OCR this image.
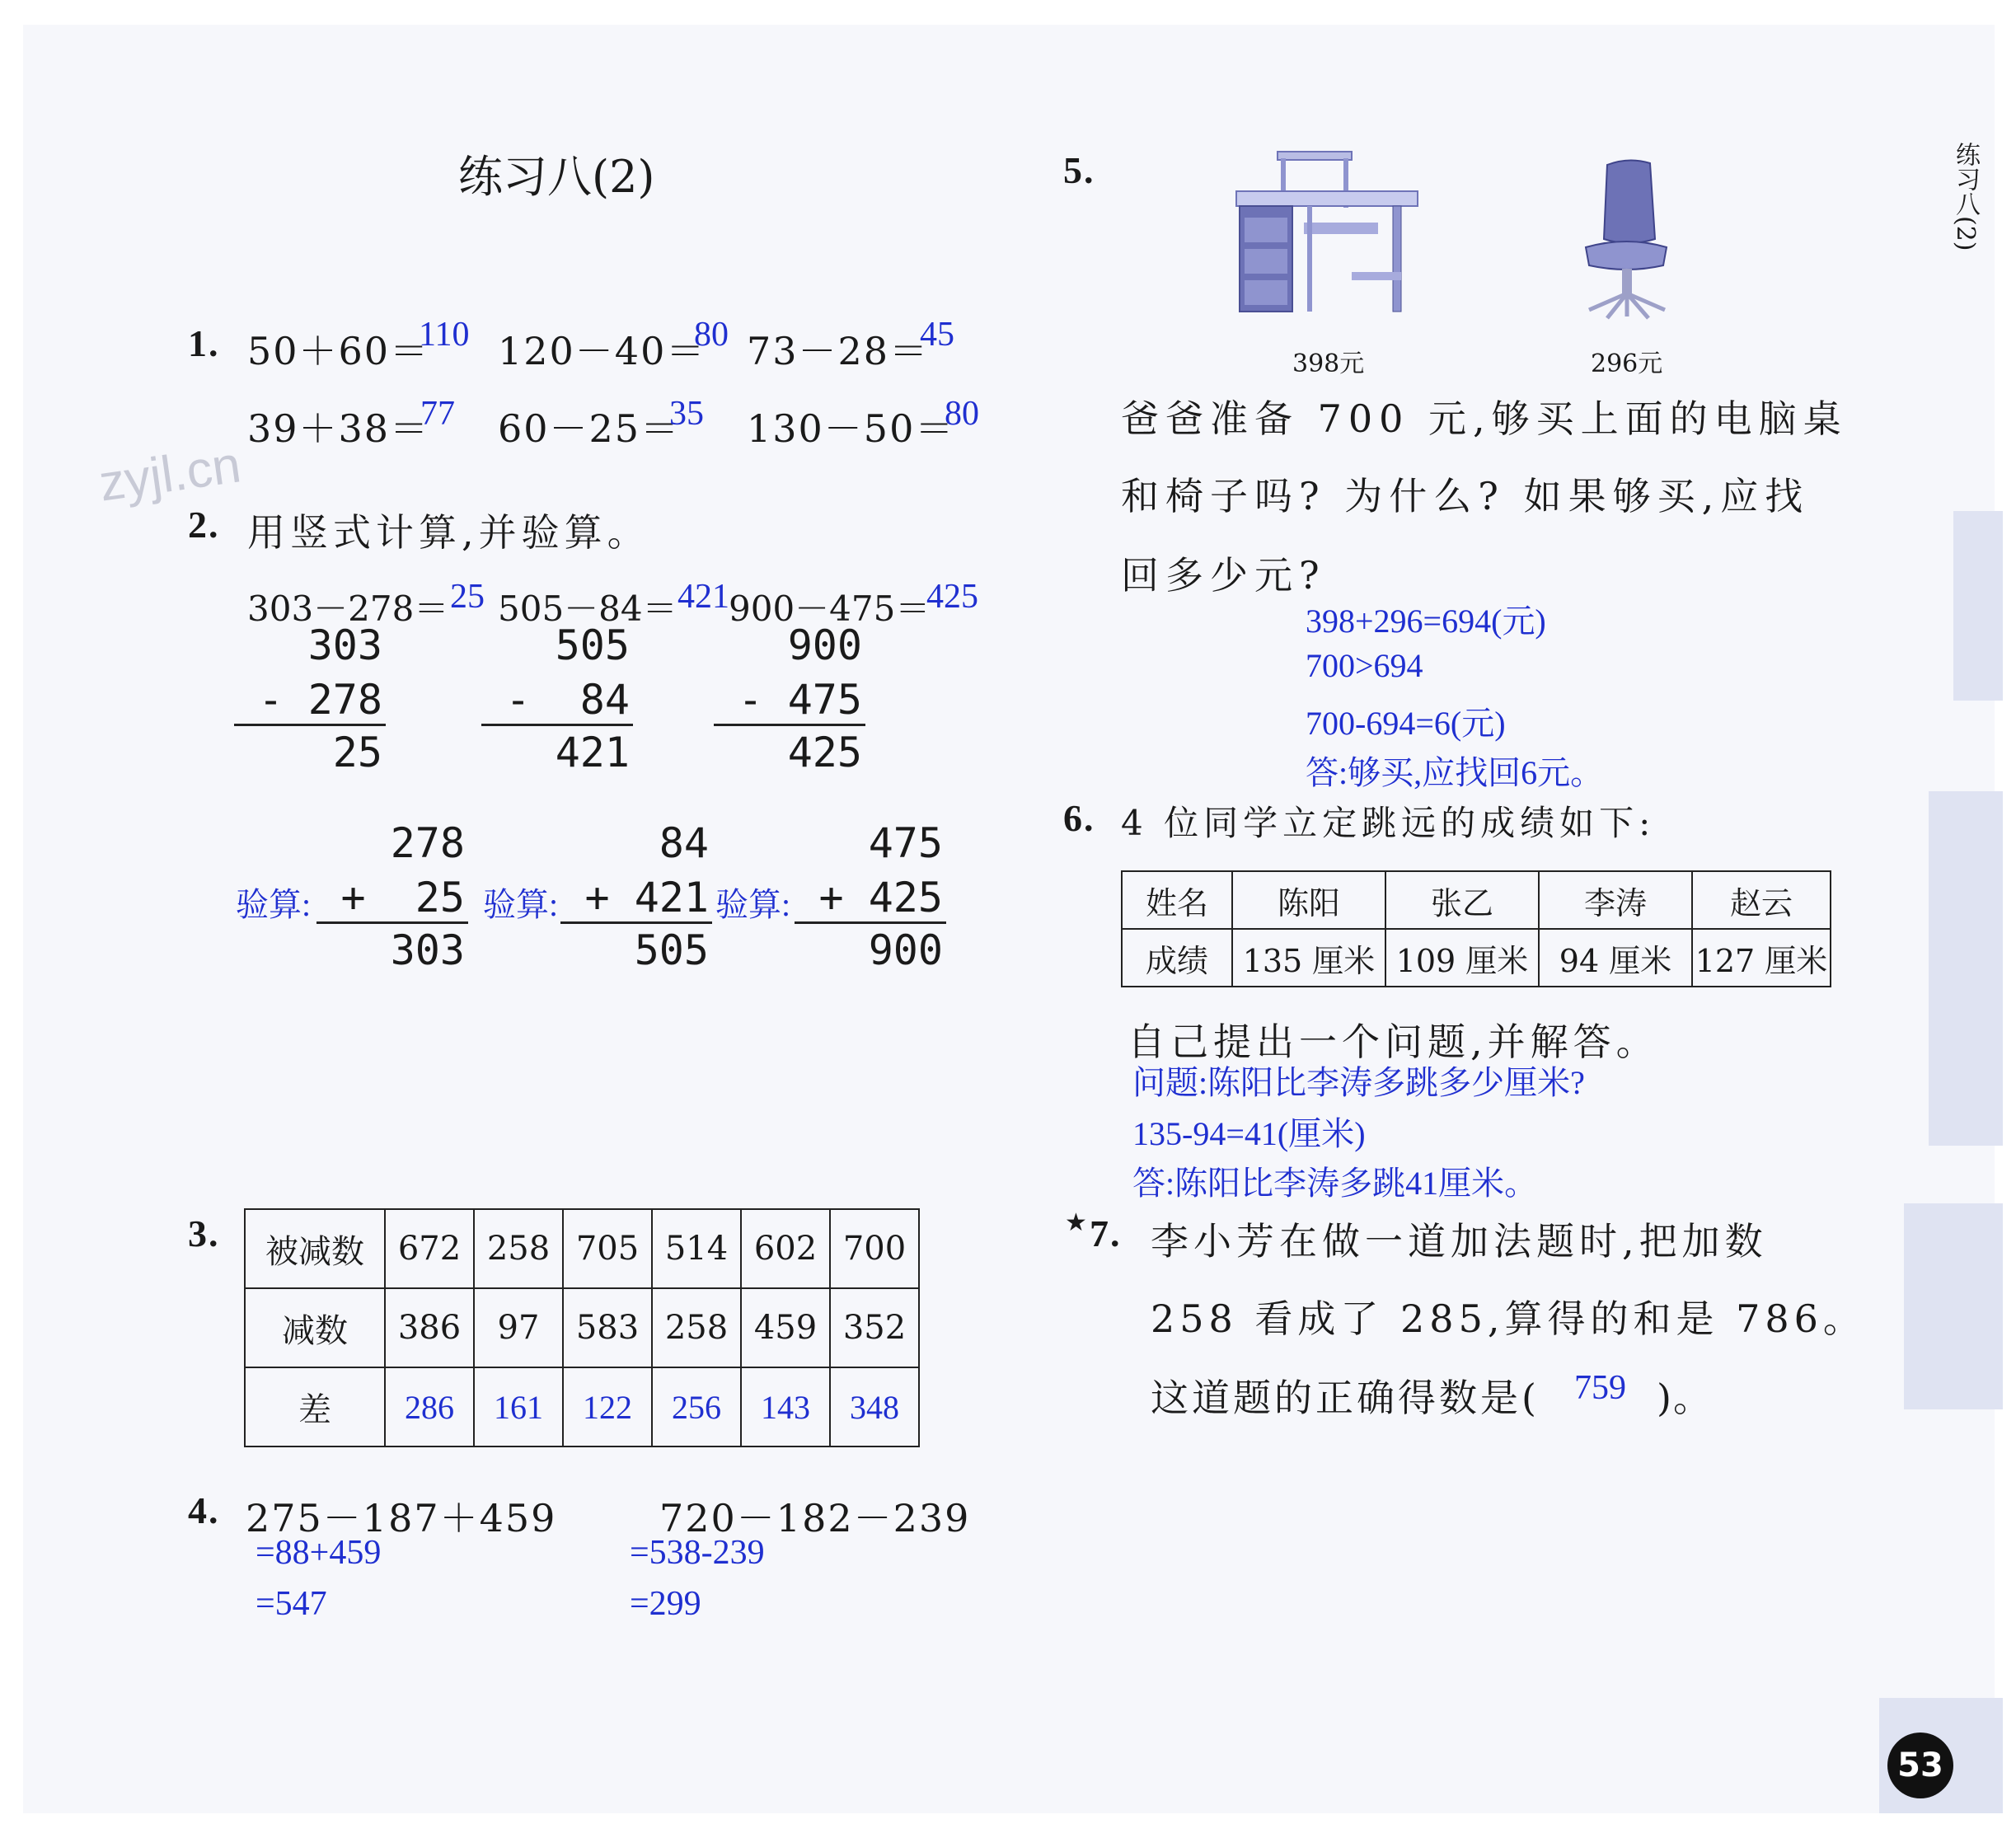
练习八(2)	练习八(2)
1. 50＋60＝
110 120－40＝
80 73－28＝
45
39＋38＝
77 60－25＝
35 130－50＝
80
zyjl.cn
2. 用竖式计算,并验算。
303－278＝ 25 505－84＝ 421 900－475＝
425
303
- 278
25
505
-  84
421
900
- 475
425
278
验算: +  25
303
84
验算: + 421
505
475
验算: + 425
900
3. 被减数	672	258	705	514	602	700
减数	386	97	583	258	459	352
差	286	161	122	256	143	348
4. 275－187＋459
=88+459
=547
720－182－239
=538-239
=299
5.
398元	296元
爸爸准备 700 元,够买上面的电脑桌
和椅子吗? 为什么? 如果够买,应找
回多少元?
398+296=694(元)
700>694
700-694=6(元)
答:够买,应找回6元。
6. 4 位同学立定跳远的成绩如下:
姓名	陈阳	张乙	李涛	赵云
成绩	135 厘米	109 厘米	94 厘米	127 厘米
自己提出一个问题,并解答。
问题:陈阳比李涛多跳多少厘米?
135-94=41(厘米)
答:陈阳比李涛多跳41厘米。
★ 7. 李小芳在做一道加法题时,把加数
258 看成了 285,算得的和是 786。
这道题的正确得数是( 759 )。
53
